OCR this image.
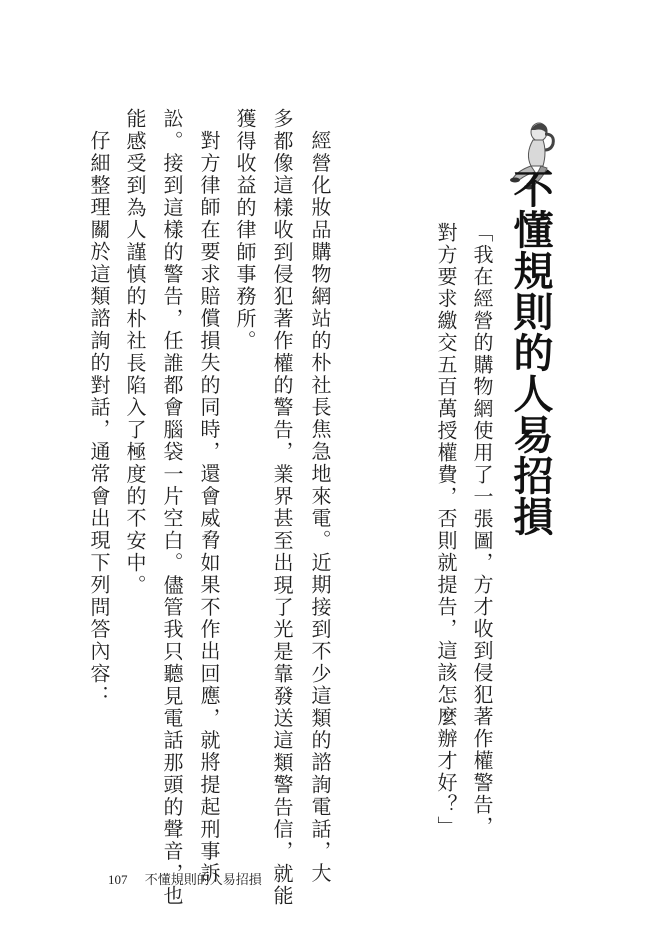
不懂規則的人易招損
「我在經營的購物網使用了一張圖，方才收到侵犯著作權警告，
對方要求繳交五百萬授權費，否則就提告，這該怎麼辦才好？」
經營化妝品購物網站的朴社長焦急地來電。近期接到不少這類的諮詢電話，大
多都像這樣收到侵犯著作權的警告，業界甚至出現了光是靠發送這類警告信，就能
獲得收益的律師事務所。
對方律師在要求賠償損失的同時，還會威脅如果不作出回應，就將提起刑事訴
訟。接到這樣的警告，任誰都會腦袋一片空白。儘管我只聽見電話那頭的聲音，也
能感受到為人謹慎的朴社長陷入了極度的不安中。
仔細整理關於這類諮詢的對話，通常會出現下列問答內容：
107 不懂規則的人易招損
